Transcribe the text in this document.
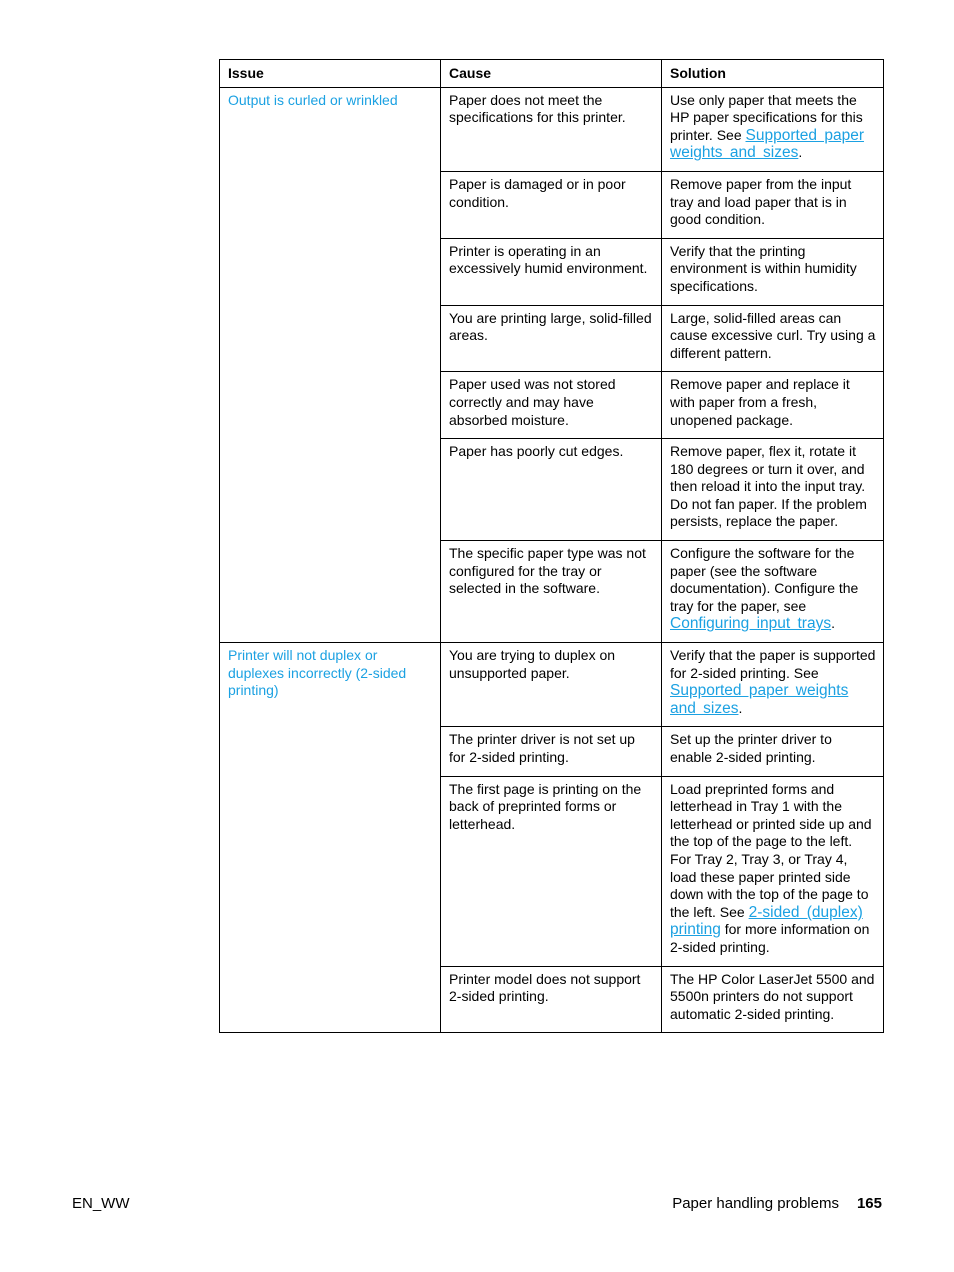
Issue	Cause	Solution
Output is curled or wrinkled	Paper does not meet the specifications for this printer.	Use only paper that meets the HP paper specifications for this printer. See Supported paper weights and sizes.
	Paper is damaged or in poor condition.	Remove paper from the input tray and load paper that is in good condition.
	Printer is operating in an excessively humid environment.	Verify that the printing environment is within humidity specifications.
	You are printing large, solid-filled areas.	Large, solid-filled areas can cause excessive curl. Try using a different pattern.
	Paper used was not stored correctly and may have absorbed moisture.	Remove paper and replace it with paper from a fresh, unopened package.
	Paper has poorly cut edges.	Remove paper, flex it, rotate it 180 degrees or turn it over, and then reload it into the input tray. Do not fan paper. If the problem persists, replace the paper.
	The specific paper type was not configured for the tray or selected in the software.	Configure the software for the paper (see the software documentation). Configure the tray for the paper, see Configuring input trays.
Printer will not duplex or duplexes incorrectly (2-sided printing)	You are trying to duplex on unsupported paper.	Verify that the paper is supported for 2-sided printing. See Supported paper weights and sizes.
	The printer driver is not set up for 2-sided printing.	Set up the printer driver to enable 2-sided printing.
	The first page is printing on the back of preprinted forms or letterhead.	Load preprinted forms and letterhead in Tray 1 with the letterhead or printed side up and the top of the page to the left. For Tray 2, Tray 3, or Tray 4, load these paper printed side down with the top of the page to the left. See 2-sided (duplex) printing for more information on 2-sided printing.
	Printer model does not support 2-sided printing.	The HP Color LaserJet 5500 and 5500n printers do not support automatic 2-sided printing.
EN_WW	Paper handling problems 165
